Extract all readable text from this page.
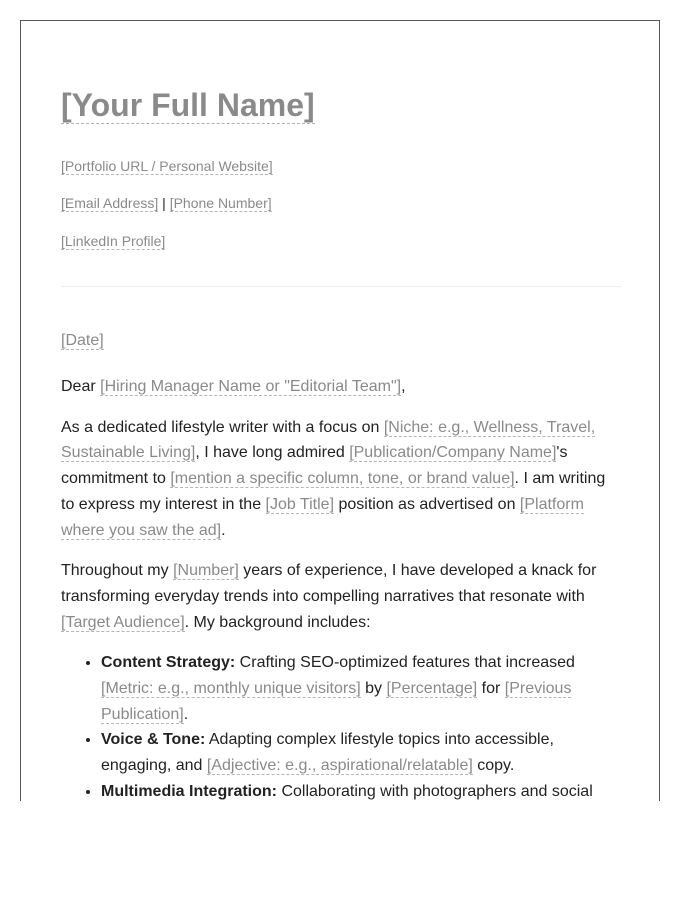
[Your Full Name]
[Portfolio URL / Personal Website]
[Email Address] | [Phone Number]
[LinkedIn Profile]
[Date]

Dear [Hiring Manager Name or "Editorial Team"],

As a dedicated lifestyle writer with a focus on [Niche: e.g., Wellness, Travel, Sustainable Living], I have long admired [Publication/Company Name]'s commitment to [mention a specific column, tone, or brand value]. I am writing to express my interest in the [Job Title] position as advertised on [Platform where you saw the ad].

Throughout my [Number] years of experience, I have developed a knack for transforming everyday trends into compelling narratives that resonate with [Target Audience]. My background includes:

• Content Strategy: Crafting SEO-optimized features that increased [Metric: e.g., monthly unique visitors] by [Percentage] for [Previous Publication].
• Voice & Tone: Adapting complex lifestyle topics into accessible, engaging, and [Adjective: e.g., aspirational/relatable] copy.
• Multimedia Integration: Collaborating with photographers and social
